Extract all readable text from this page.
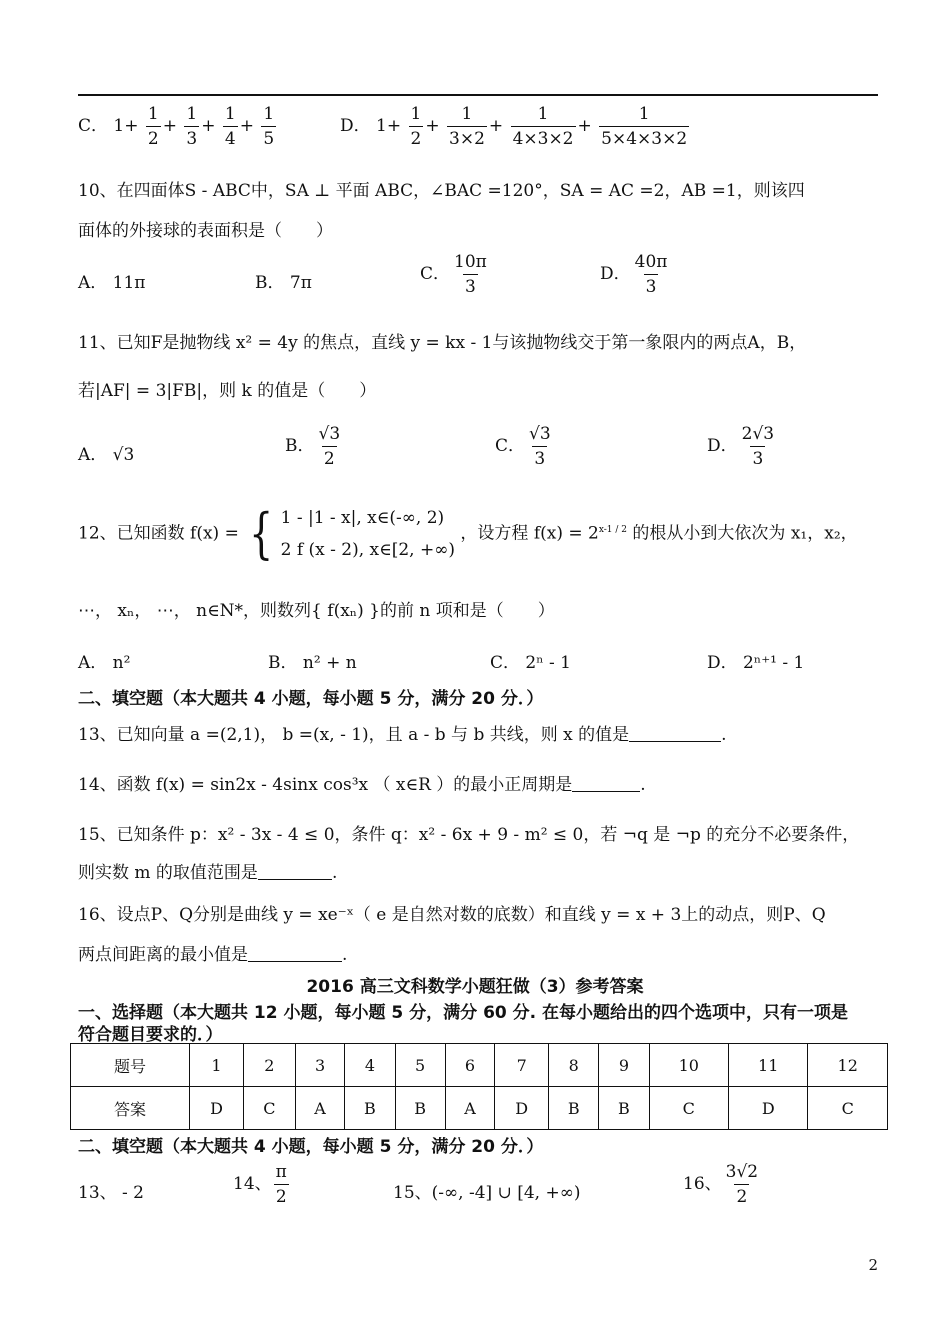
C． $1+ \frac{1}{2} + \frac{1}{3} + \frac{1}{4} + \frac{1}{5}$	D． $1+ \frac{1}{2} + \frac{1}{3\times 2} + \frac{1}{4\times 3\times 2} + \frac{1}{5\times 4\times 3\times 2}$
10、在四面体S - ABC中，SA ⊥ 平面 ABC，∠BAC =120°，SA = AC =2，AB =1，则该四
面体的外接球的表面积是（　　）
A． 11π	B． 7π	C． $\frac{10\pi}{3}$	D． $\frac{40\pi}{3}$
11、已知F是抛物线 x² = 4y 的焦点，直线 y = kx - 1与该抛物线交于第一象限内的两点A，B，
若|AF| = 3|FB|，则 k 的值是（　　）
A． √3	B． $\frac{√3}{2}$	C． $\frac{√3}{3}$	D． $\frac{2√3}{3}$
12、已知函数 f(x) = { 1 - |1 - x|, x∈(-∞, 2)
2 f (x - 2), x∈[2, +∞)
，设方程 $f(x) = 2^{x-1 / 2}$ 的根从小到大依次为 x₁，x₂，
⋯， xₙ， ⋯， n∈N*，则数列{ f(xₙ) }的前 n 项和是（　　）
A． n²	B． n² + n	C． 2ⁿ - 1	D． 2ⁿ⁺¹ - 1
二、填空题（本大题共 4 小题，每小题 5 分，满分 20 分．）
13、已知向量 a =(2,1)， b =(x, - 1)，且 a - b 与 b 共线，则 x 的值是	.
14、函数 f(x) = sin2x - 4sinx cos³x （ x∈R ）的最小正周期是	.
15、已知条件 p：x² - 3x - 4 ≤ 0，条件 q：x² - 6x + 9 - m² ≤ 0，若 ¬q 是 ¬p 的充分不必要条件，
则实数 m 的取值范围是	.
16、设点P、Q分别是曲线 y = xe⁻ˣ（ e 是自然对数的底数）和直线 y = x + 3上的动点，则P、Q
两点间距离的最小值是	.
2016 高三文科数学小题狂做（3）参考答案
一、选择题（本大题共 12 小题，每小题 5 分，满分 60 分. 在每小题给出的四个选项中，只有一项是
符合题目要求的．）
题号	1	2	3	4	5	6	7	8	9	10	11	12
答案	D	C	A	B	B	A	D	B	B	C	D	C
二、填空题（本大题共 4 小题，每小题 5 分，满分 20 分．）
13、 - 2	14、 $\frac{\pi}{2}$	15、(-∞, -4] ∪ [4, +∞)	16、 $\frac{3√2}{2}$
2
